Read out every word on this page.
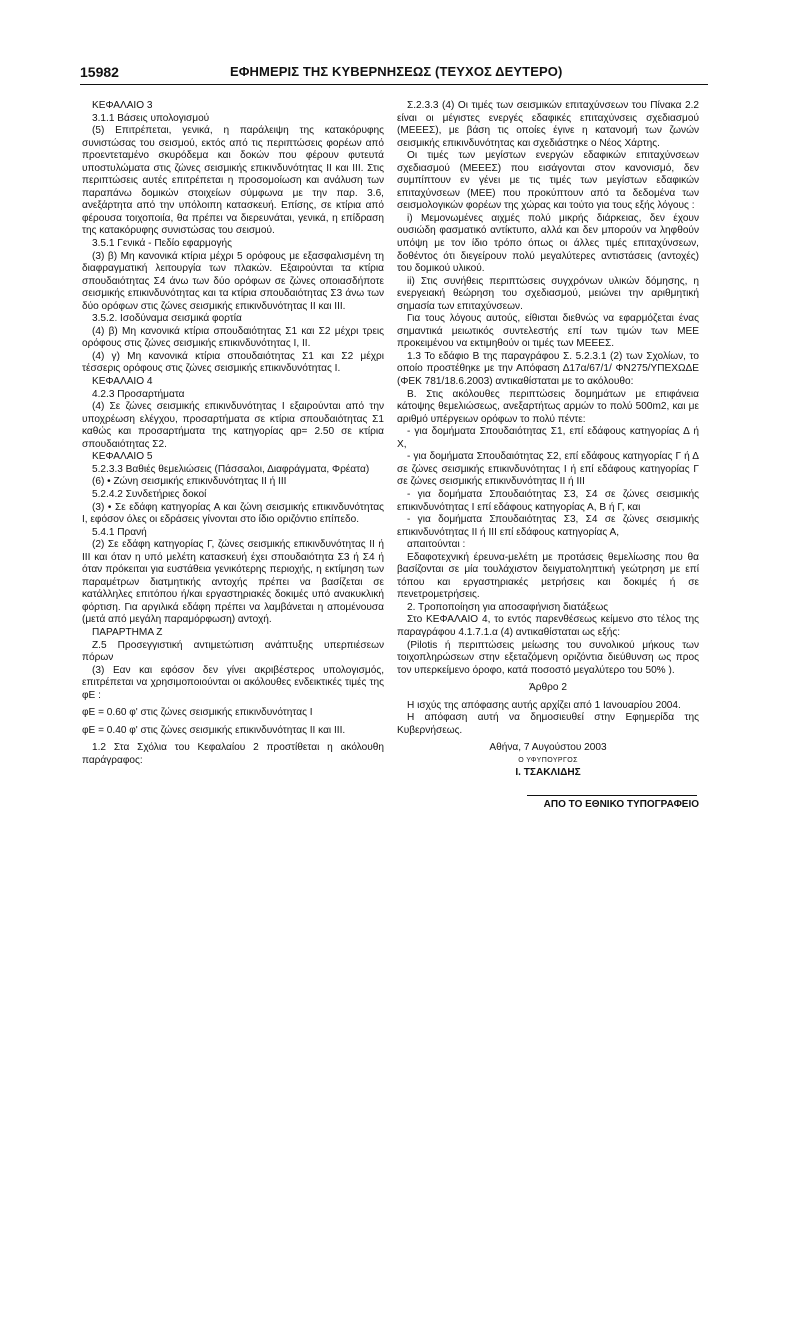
15982	ΕΦΗΜΕΡΙΣ ΤΗΣ ΚΥΒΕΡΝΗΣΕΩΣ (ΤΕΥΧΟΣ ΔΕΥΤΕΡΟ)

ΚΕΦΑΛΑΙΟ 3

3.1.1 Βάσεις υπολογισμού

(5) Επιτρέπεται, γενικά, η παράλειψη της κατακόρυφης συνιστώσας του σεισμού, εκτός από τις περιπτώσεις φορέων από προεντεταμένο σκυρόδεμα και δοκών που φέρουν φυτευτά υποστυλώματα στις ζώνες σεισμικής επικινδυνότητας II και III. Στις περιπτώσεις αυτές επιτρέπεται η προσομοίωση και ανάλυση των παραπάνω δομικών στοιχείων σύμφωνα με την παρ. 3.6, ανεξάρτητα από την υπόλοιπη κατασκευή. Επίσης, σε κτίρια από φέρουσα τοιχοποιία, θα πρέπει να διερευνάται, γενικά, η επίδραση της κατακόρυφης συνιστώσας του σεισμού.

3.5.1 Γενικά - Πεδίο εφαρμογής

(3) β) Μη κανονικά κτίρια μέχρι 5 ορόφους με εξασφαλισμένη τη διαφραγματική λειτουργία των πλακών. Εξαιρούνται τα κτίρια σπουδαιότητας Σ4 άνω των δύο ορόφων σε ζώνες οποιασδήποτε σεισμικής επικινδυνότητας και τα κτίρια σπουδαιότητας Σ3 άνω των δύο ορόφων στις ζώνες σεισμικής επικινδυνότητας II και III.

3.5.2. Ισοδύναμα σεισμικά φορτία

(4) β) Μη κανονικά κτίρια σπουδαιότητας Σ1 και Σ2 μέχρι τρεις ορόφους στις ζώνες σεισμικής επικινδυνότητας I, II.

(4) γ) Μη κανονικά κτίρια σπουδαιότητας Σ1 και Σ2 μέχρι τέσσερις ορόφους στις ζώνες σεισμικής επικινδυνότητας I.

ΚΕΦΑΛΑΙΟ 4

4.2.3 Προσαρτήματα

(4) Σε ζώνες σεισμικής επικινδυνότητας I εξαιρούνται από την υποχρέωση ελέγχου, προσαρτήματα σε κτίρια σπουδαιότητας Σ1 καθώς και προσαρτήματα της κατηγορίας qp= 2.50 σε κτίρια σπουδαιότητας Σ2.

ΚΕΦΑΛΑΙΟ 5

5.2.3.3 Βαθιές θεμελιώσεις (Πάσσαλοι, Διαφράγματα, Φρέατα)

(6) • Ζώνη σεισμικής επικινδυνότητας II ή III

5.2.4.2 Συνδετήριες δοκοί

(3) • Σε εδάφη κατηγορίας Α και ζώνη σεισμικής επικινδυνότητας I, εφόσον όλες οι εδράσεις γίνονται στο ίδιο οριζόντιο επίπεδο.

5.4.1 Πρανή

(2) Σε εδάφη κατηγορίας Γ, ζώνες σεισμικής επικινδυνότητας II ή III και όταν η υπό μελέτη κατασκευή έχει σπουδαιότητα Σ3 ή Σ4 ή όταν πρόκειται για ευστάθεια γενικότερης περιοχής, η εκτίμηση των παραμέτρων διατμητικής αντοχής πρέπει να βασίζεται σε κατάλληλες επιτόπου ή/και εργαστηριακές δοκιμές υπό ανακυκλική φόρτιση. Για αργιλικά εδάφη πρέπει να λαμβάνεται η απομένουσα (μετά από μεγάλη παραμόρφωση) αντοχή.

ΠΑΡΑΡΤΗΜΑ Ζ

Ζ.5 Προσεγγιστική αντιμετώπιση ανάπτυξης υπερπιέσεων πόρων

(3) Εαν και εφόσον δεν γίνει ακριβέστερος υπολογισμός, επιτρέπεται να χρησιμοποιούνται οι ακόλουθες ενδεικτικές τιμές της φE :

φE = 0.60 φ' στις ζώνες σεισμικής επικινδυνότητας I

φE = 0.40 φ' στις ζώνες σεισμικής επικινδυνότητας II και III.

1.2 Στα Σχόλια του Κεφαλαίου 2 προστίθεται η ακόλουθη παράγραφος:

Σ.2.3.3 (4) Οι τιμές των σεισμικών επιταχύνσεων του Πίνακα 2.2 είναι οι μέγιστες ενεργές εδαφικές επιταχύνσεις σχεδιασμού (ΜΕΕΕΣ), με βάση τις οποίες έγινε η κατανομή των ζωνών σεισμικής επικινδυνότητας και σχεδιάστηκε ο Νέος Χάρτης.

Οι τιμές των μεγίστων ενεργών εδαφικών επιταχύνσεων σχεδιασμού (ΜΕΕΕΣ) που εισάγονται στον κανονισμό, δεν συμπίπτουν εν γένει με τις τιμές των μεγίστων εδαφικών επιταχύνσεων (ΜΕΕ) που προκύπτουν από τα δεδομένα των σεισμολογικών φορέων της χώρας και τούτο για τους εξής λόγους :

i) Μεμονωμένες αιχμές πολύ μικρής διάρκειας, δεν έχουν ουσιώδη φασματικό αντίκτυπο, αλλά και δεν μπορούν να ληφθούν υπόψη με τον ίδιο τρόπο όπως οι άλλες τιμές επιταχύνσεων, δοθέντος ότι διεγείρουν πολύ μεγαλύτερες αντιστάσεις (αντοχές) του δομικού υλικού.

ii) Στις συνήθεις περιπτώσεις συγχρόνων υλικών δόμησης, η ενεργειακή θεώρηση του σχεδιασμού, μειώνει την αριθμητική σημασία των επιταχύνσεων.

Για τους λόγους αυτούς, είθισται διεθνώς να εφαρμόζεται ένας σημαντικά μειωτικός συντελεστής επί των τιμών των ΜΕΕ προκειμένου να εκτιμηθούν οι τιμές των ΜΕΕΕΣ.

1.3 Το εδάφιο Β της παραγράφου Σ. 5.2.3.1 (2) των Σχολίων, το οποίο προστέθηκε με την Απόφαση Δ17α/67/1/ ΦΝ275/ΥΠΕΧΩΔΕ (ΦΕΚ 781/18.6.2003) αντικαθίσταται με το ακόλουθο:

Β. Στις ακόλουθες περιπτώσεις δομημάτων με επιφάνεια κάτοψης θεμελιώσεως, ανεξαρτήτως αρμών το πολύ 500m2, και με αριθμό υπέργειων ορόφων το πολύ πέντε:

- για δομήματα Σπουδαιότητας Σ1, επί εδάφους κατηγορίας Δ ή Χ,

- για δομήματα Σπουδαιότητας Σ2, επί εδάφους κατηγορίας Γ ή Δ σε ζώνες σεισμικής επικινδυνότητας I ή επί εδάφους κατηγορίας Γ σε ζώνες σεισμικής επικινδυνότητας II ή III

- για δομήματα Σπουδαιότητας Σ3, Σ4 σε ζώνες σεισμικής επικινδυνότητας I επί εδάφους κατηγορίας Α, Β ή Γ, και

- για δομήματα Σπουδαιότητας Σ3, Σ4 σε ζώνες σεισμικής επικινδυνότητας II ή III επί εδάφους κατηγορίας Α,

απαιτούνται :

Εδαφοτεχνική έρευνα-μελέτη με προτάσεις θεμελίωσης που θα βασίζονται σε μία τουλάχιστον δειγματοληπτική γεώτρηση με επί τόπου και εργαστηριακές μετρήσεις και δοκιμές ή σε πενετρομετρήσεις.

2. Τροποποίηση για αποσαφήνιση διατάξεως

Στο ΚΕΦΑΛΑΙΟ 4, το εντός παρενθέσεως κείμενο στο τέλος της παραγράφου 4.1.7.1.α (4) αντικαθίσταται ως εξής:

(Pilotis ή περιπτώσεις μείωσης του συνολικού μήκους των τοιχοπληρώσεων στην εξεταζόμενη οριζόντια διεύθυνση ως προς τον υπερκείμενο όροφο, κατά ποσοστό μεγαλύτερο του 50% ).

Άρθρο 2

Η ισχύς της απόφασης αυτής αρχίζει από 1 Ιανουαρίου 2004.

Η απόφαση αυτή να δημοσιευθεί στην Εφημερίδα της Κυβερνήσεως.

Αθήνα, 7 Αυγούστου 2003

Ο ΥΦΥΠΟΥΡΓΟΣ

Ι. ΤΣΑΚΛΙΔΗΣ

ΑΠΟ ΤΟ ΕΘΝΙΚΟ ΤΥΠΟΓΡΑΦΕΙΟ
